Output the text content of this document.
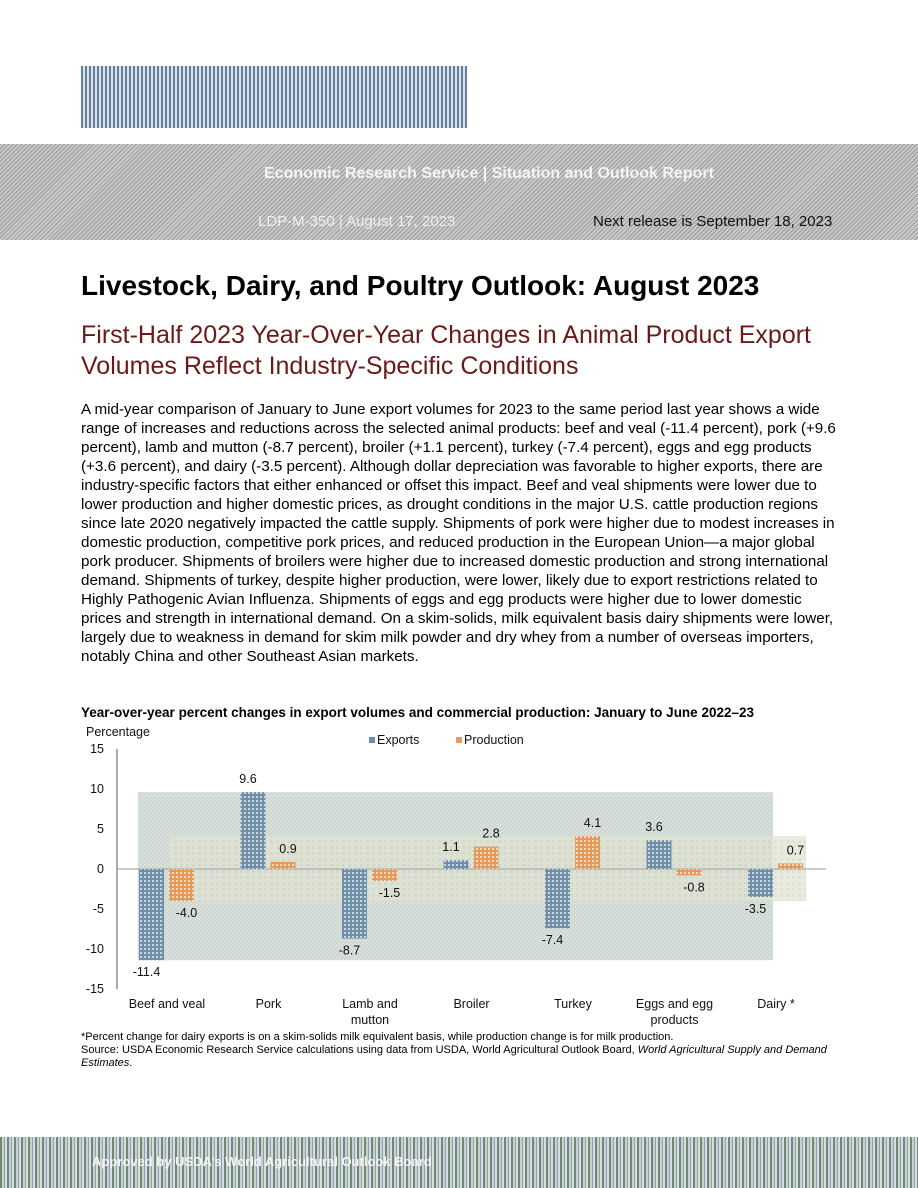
Economic Research Service | Situation and Outlook Report
LDP-M-350 | August 17, 2023	Next release is September 18, 2023
Livestock, Dairy, and Poultry Outlook: August 2023
First-Half 2023 Year-Over-Year Changes in Animal Product Export Volumes Reflect Industry-Specific Conditions
A mid-year comparison of January to June export volumes for 2023 to the same period last year shows a wide range of increases and reductions across the selected animal products: beef and veal (-11.4 percent), pork (+9.6 percent), lamb and mutton (-8.7 percent), broiler (+1.1 percent), turkey (-7.4 percent), eggs and egg products (+3.6 percent), and dairy (-3.5 percent). Although dollar depreciation was favorable to higher exports, there are industry-specific factors that either enhanced or offset this impact. Beef and veal shipments were lower due to lower production and higher domestic prices, as drought conditions in the major U.S. cattle production regions since late 2020 negatively impacted the cattle supply. Shipments of pork were higher due to modest increases in domestic production, competitive pork prices, and reduced production in the European Union—a major global pork producer. Shipments of broilers were higher due to increased domestic production and strong international demand. Shipments of turkey, despite higher production, were lower, likely due to export restrictions related to Highly Pathogenic Avian Influenza. Shipments of eggs and egg products were higher due to lower domestic prices and strength in international demand. On a skim-solids, milk equivalent basis dairy shipments were lower, largely due to weakness in demand for skim milk powder and dry whey from a number of overseas importers, notably China and other Southeast Asian markets.
Year-over-year percent changes in export volumes and commercial production: January to June 2022–23
Percentage
15
10
5
0
-5
-10
-15
Exports	Production
-11.4
-4.0
Beef and veal
9.6
0.9
Pork
-8.7
-1.5
Lamb and
mutton
1.1
2.8
Broiler
-7.4
4.1
Turkey
3.6
-0.8
Eggs and egg
products
-3.5
0.7
Dairy *
*Percent change for dairy exports is on a skim-solids milk equivalent basis, while production change is for milk production.
Source: USDA Economic Research Service calculations using data from USDA, World Agricultural Outlook Board, World Agricultural Supply and Demand Estimates.
Approved by USDA’s World Agricultural Outlook Board
